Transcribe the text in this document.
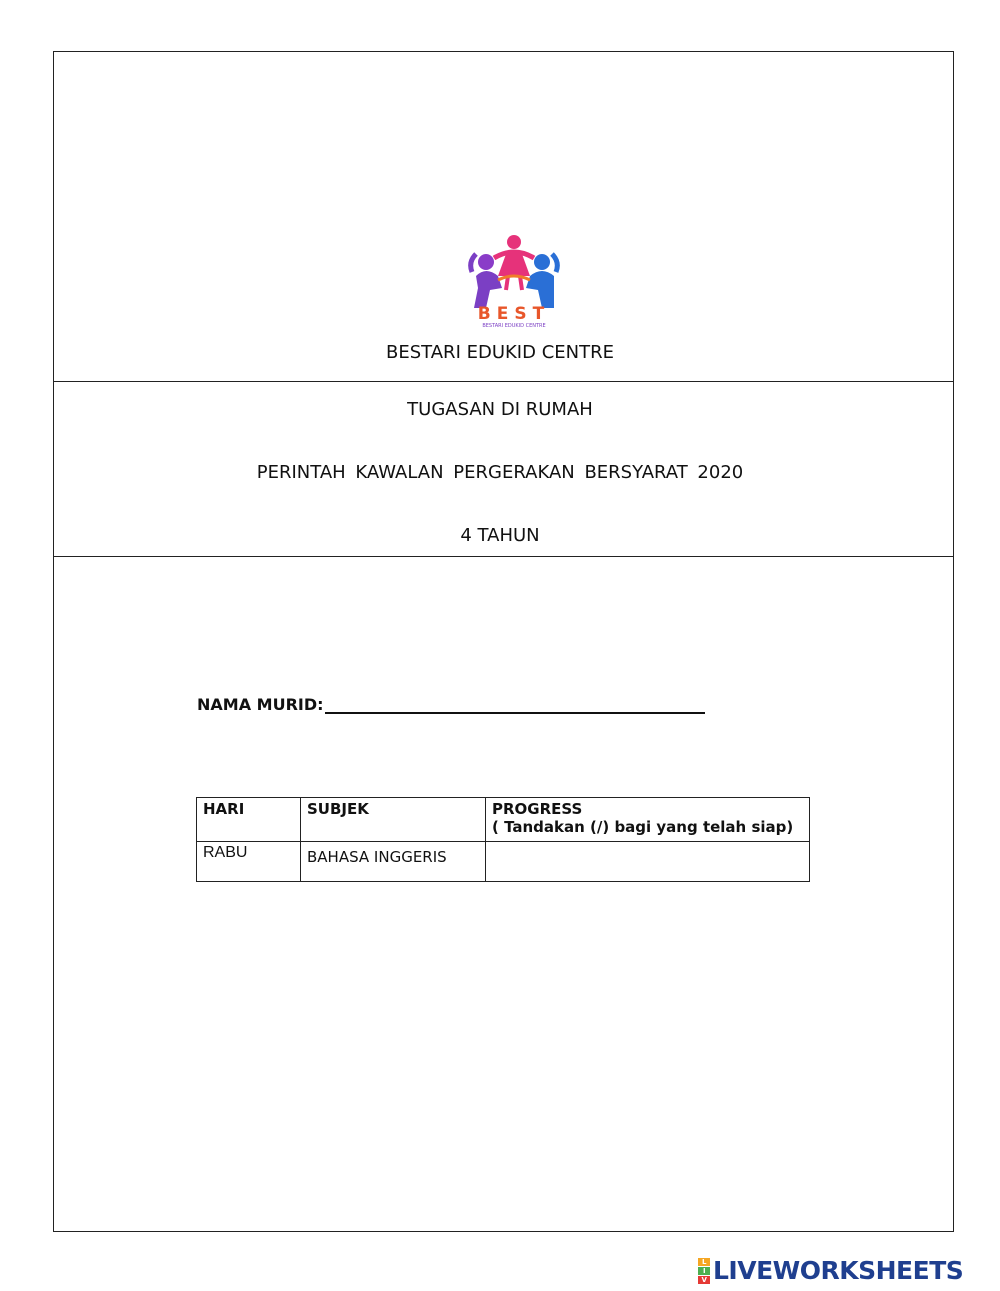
BEST
BESTARI EDUKID CENTRE
BESTARI EDUKID CENTRE
TUGASAN DI RUMAH
PERINTAH KAWALAN PERGERAKAN BERSYARAT 2020
4 TAHUN
NAMA MURID:
HARI	SUBJEK	PROGRESS
( Tandakan (/) bagi yang telah siap)

RABU	BAHASA INGGERIS	
L
I
V LIVEWORKSHEETS
